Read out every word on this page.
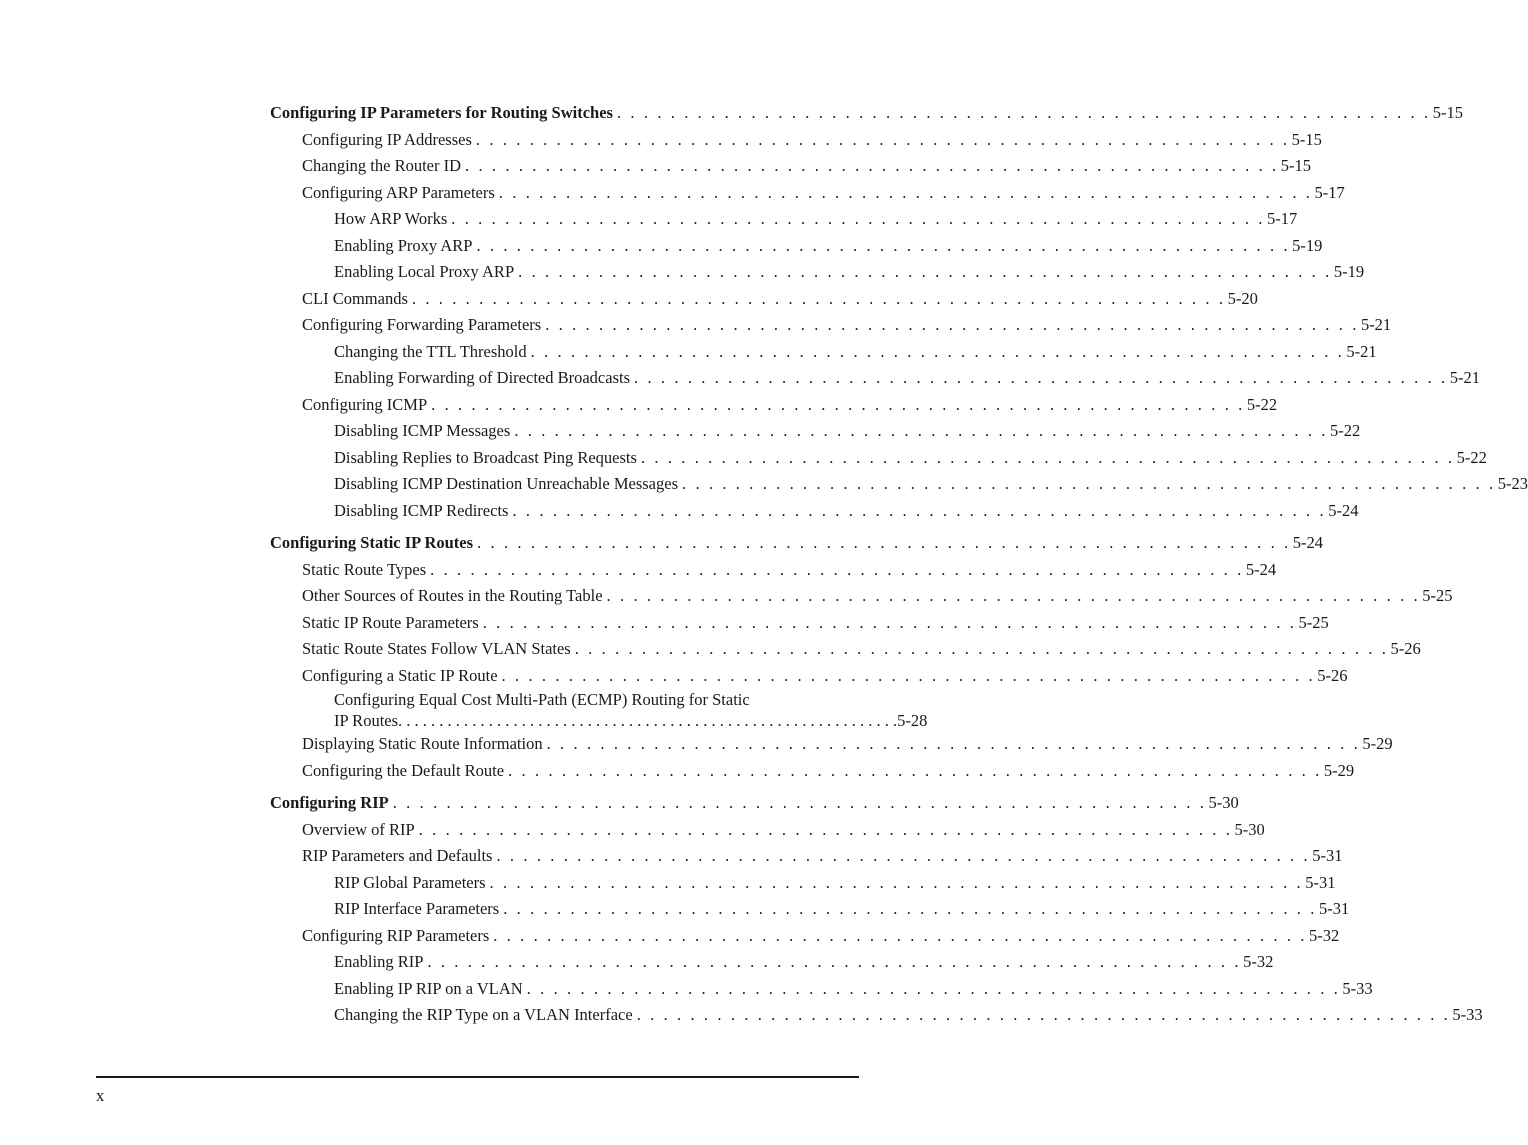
Configuring IP Parameters for Routing Switches . . . . . . . . . . . . . . . . . . . . . . . . . . . . . . . . . . . . . . . . . . . . . . . . . . . . . . . . . . . . . 5-15
Configuring IP Addresses . . . . . . . . . . . . . . . . . . . . . . . . . . . . . . . . . . . . . . . . . . . . . . . . . . . . . . . . . . . . . 5-15
Changing the Router ID . . . . . . . . . . . . . . . . . . . . . . . . . . . . . . . . . . . . . . . . . . . . . . . . . . . . . . . . . . . . . 5-15
Configuring ARP Parameters . . . . . . . . . . . . . . . . . . . . . . . . . . . . . . . . . . . . . . . . . . . . . . . . . . . . . . . . . . . . . 5-17
How ARP Works . . . . . . . . . . . . . . . . . . . . . . . . . . . . . . . . . . . . . . . . . . . . . . . . . . . . . . . . . . . . . 5-17
Enabling Proxy ARP . . . . . . . . . . . . . . . . . . . . . . . . . . . . . . . . . . . . . . . . . . . . . . . . . . . . . . . . . . . . . 5-19
Enabling Local Proxy ARP . . . . . . . . . . . . . . . . . . . . . . . . . . . . . . . . . . . . . . . . . . . . . . . . . . . . . . . . . . . . . 5-19
CLI Commands . . . . . . . . . . . . . . . . . . . . . . . . . . . . . . . . . . . . . . . . . . . . . . . . . . . . . . . . . . . . . 5-20
Configuring Forwarding Parameters . . . . . . . . . . . . . . . . . . . . . . . . . . . . . . . . . . . . . . . . . . . . . . . . . . . . . . . . . . . . . 5-21
Changing the TTL Threshold . . . . . . . . . . . . . . . . . . . . . . . . . . . . . . . . . . . . . . . . . . . . . . . . . . . . . . . . . . . . . 5-21
Enabling Forwarding of Directed Broadcasts . . . . . . . . . . . . . . . . . . . . . . . . . . . . . . . . . . . . . . . . . . . . . . . . . . . . . . . . . . . . . 5-21
Configuring ICMP . . . . . . . . . . . . . . . . . . . . . . . . . . . . . . . . . . . . . . . . . . . . . . . . . . . . . . . . . . . . . 5-22
Disabling ICMP Messages . . . . . . . . . . . . . . . . . . . . . . . . . . . . . . . . . . . . . . . . . . . . . . . . . . . . . . . . . . . . . 5-22
Disabling Replies to Broadcast Ping Requests . . . . . . . . . . . . . . . . . . . . . . . . . . . . . . . . . . . . . . . . . . . . . . . . . . . . . . . . . . . . . 5-22
Disabling ICMP Destination Unreachable Messages . . . . . . . . . . . . . . . . . . . . . . . . . . . . . . . . . . . . . . . . . . . . . . . . . . . . . . . . . . . . . 5-23
Disabling ICMP Redirects . . . . . . . . . . . . . . . . . . . . . . . . . . . . . . . . . . . . . . . . . . . . . . . . . . . . . . . . . . . . . 5-24
Configuring Static IP Routes . . . . . . . . . . . . . . . . . . . . . . . . . . . . . . . . . . . . . . . . . . . . . . . . . . . . . . . . . . . . . 5-24
Static Route Types . . . . . . . . . . . . . . . . . . . . . . . . . . . . . . . . . . . . . . . . . . . . . . . . . . . . . . . . . . . . . 5-24
Other Sources of Routes in the Routing Table . . . . . . . . . . . . . . . . . . . . . . . . . . . . . . . . . . . . . . . . . . . . . . . . . . . . . . . . . . . . . 5-25
Static IP Route Parameters . . . . . . . . . . . . . . . . . . . . . . . . . . . . . . . . . . . . . . . . . . . . . . . . . . . . . . . . . . . . . 5-25
Static Route States Follow VLAN States . . . . . . . . . . . . . . . . . . . . . . . . . . . . . . . . . . . . . . . . . . . . . . . . . . . . . . . . . . . . . 5-26
Configuring a Static IP Route . . . . . . . . . . . . . . . . . . . . . . . . . . . . . . . . . . . . . . . . . . . . . . . . . . . . . . . . . . . . . 5-26
Configuring Equal Cost Multi-Path (ECMP) Routing for Static
IP Routes . . . . . . . . . . . . . . . . . . . . . . . . . . . . . . . . . . . . . . . . . . . . . . . . . . . . . . . . . . . . . 5-28
Displaying Static Route Information . . . . . . . . . . . . . . . . . . . . . . . . . . . . . . . . . . . . . . . . . . . . . . . . . . . . . . . . . . . . . 5-29
Configuring the Default Route . . . . . . . . . . . . . . . . . . . . . . . . . . . . . . . . . . . . . . . . . . . . . . . . . . . . . . . . . . . . . 5-29
Configuring RIP . . . . . . . . . . . . . . . . . . . . . . . . . . . . . . . . . . . . . . . . . . . . . . . . . . . . . . . . . . . . . 5-30
Overview of RIP . . . . . . . . . . . . . . . . . . . . . . . . . . . . . . . . . . . . . . . . . . . . . . . . . . . . . . . . . . . . . 5-30
RIP Parameters and Defaults . . . . . . . . . . . . . . . . . . . . . . . . . . . . . . . . . . . . . . . . . . . . . . . . . . . . . . . . . . . . . 5-31
RIP Global Parameters . . . . . . . . . . . . . . . . . . . . . . . . . . . . . . . . . . . . . . . . . . . . . . . . . . . . . . . . . . . . . 5-31
RIP Interface Parameters . . . . . . . . . . . . . . . . . . . . . . . . . . . . . . . . . . . . . . . . . . . . . . . . . . . . . . . . . . . . . 5-31
Configuring RIP Parameters . . . . . . . . . . . . . . . . . . . . . . . . . . . . . . . . . . . . . . . . . . . . . . . . . . . . . . . . . . . . . 5-32
Enabling RIP . . . . . . . . . . . . . . . . . . . . . . . . . . . . . . . . . . . . . . . . . . . . . . . . . . . . . . . . . . . . . 5-32
Enabling IP RIP on a VLAN . . . . . . . . . . . . . . . . . . . . . . . . . . . . . . . . . . . . . . . . . . . . . . . . . . . . . . . . . . . . . 5-33
Changing the RIP Type on a VLAN Interface . . . . . . . . . . . . . . . . . . . . . . . . . . . . . . . . . . . . . . . . . . . . . . . . . . . . . . . . . . . . . 5-33
x
